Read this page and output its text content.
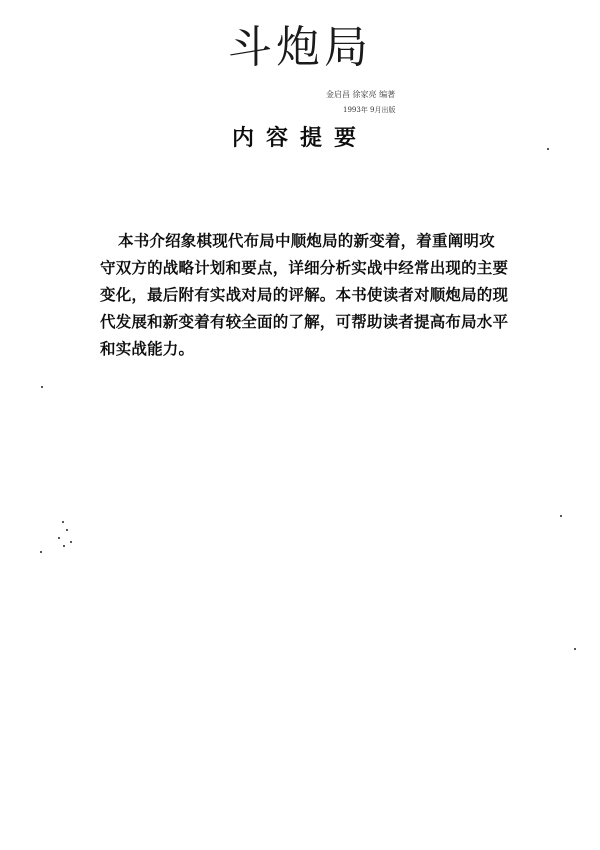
斗炮局
金启昌 徐家亮 编著
1993年 9月出版
内容提要
本书介绍象棋现代布局中顺炮局的新变着，着重阐明攻
守双方的战略计划和要点，详细分析实战中经常出现的主要
变化，最后附有实战对局的评解。本书使读者对顺炮局的现
代发展和新变着有较全面的了解，可帮助读者提高布局水平
和实战能力。
